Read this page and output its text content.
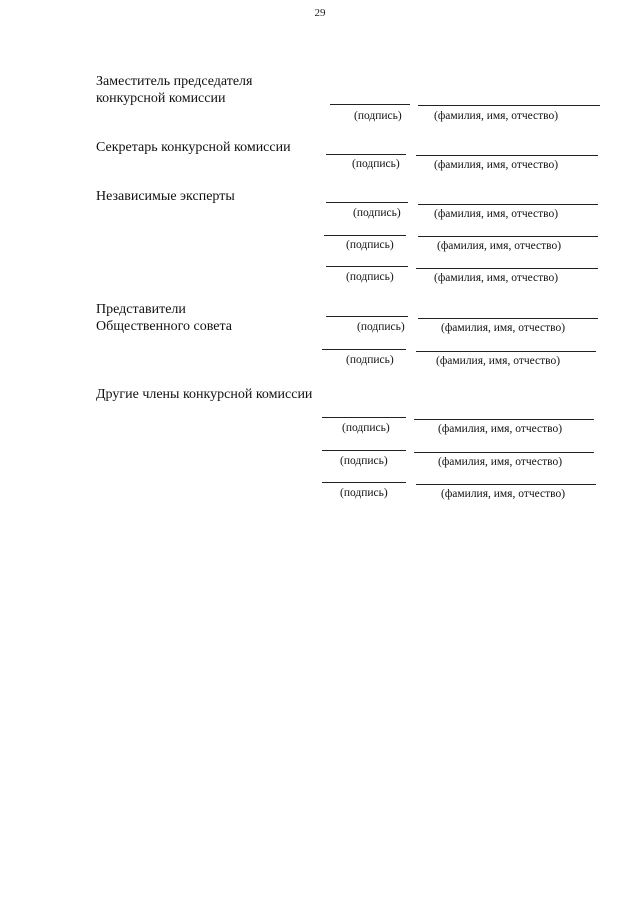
29
Заместитель председателя
конкурсной комиссии
(подпись)	(фамилия, имя, отчество)
Секретарь конкурсной комиссии
(подпись)	(фамилия, имя, отчество)
Независимые эксперты
(подпись)	(фамилия, имя, отчество)
(подпись)	(фамилия, имя, отчество)
(подпись)	(фамилия, имя, отчество)
Представители
Общественного совета	(подпись)	(фамилия, имя, отчество)
(подпись)	(фамилия, имя, отчество)
Другие члены конкурсной комиссии
(подпись)	(фамилия, имя, отчество)
(подпись)	(фамилия, имя, отчество)
(подпись)	(фамилия, имя, отчество)
